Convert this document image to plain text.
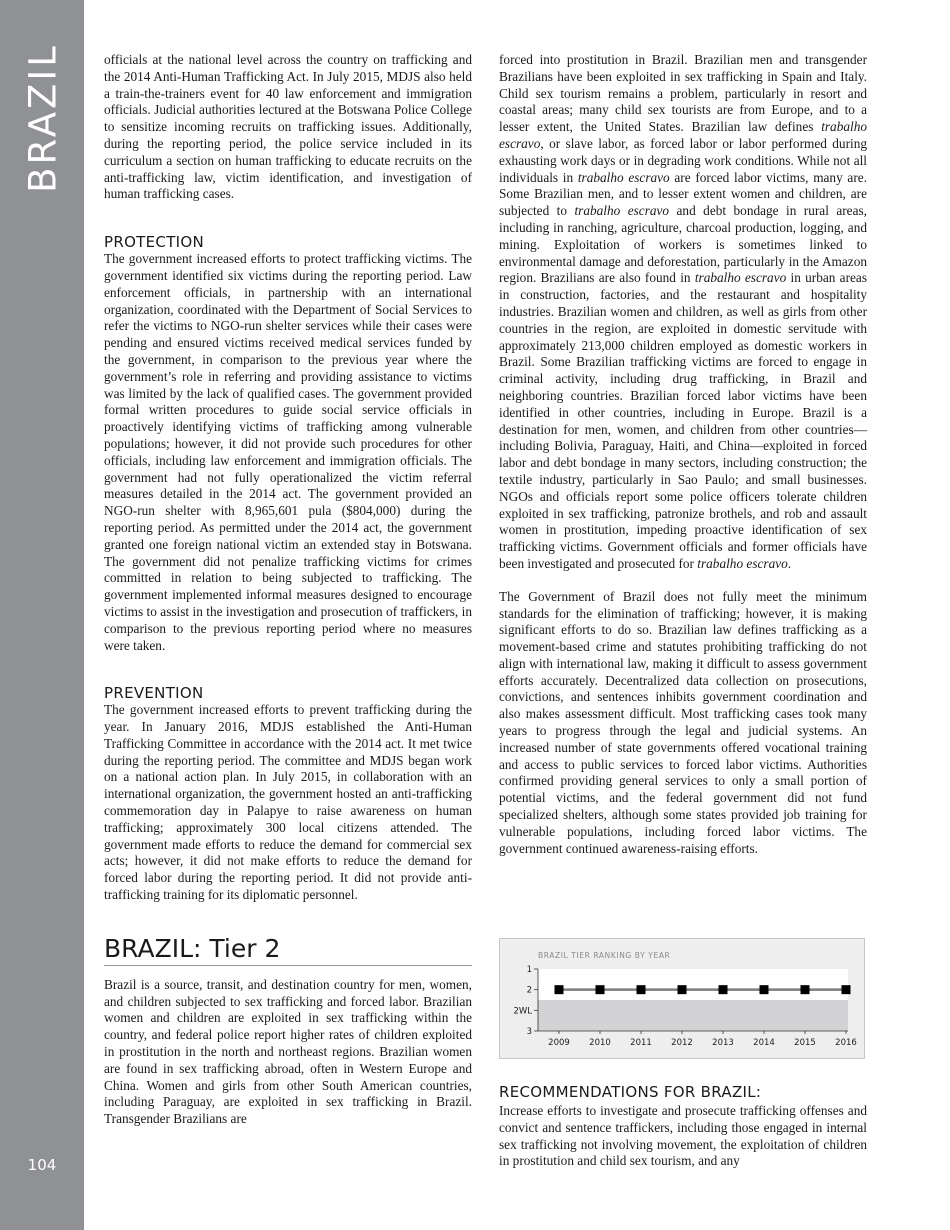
BRAZIL
104

officials at the national level across the country on trafficking and the 2014 Anti-Human Trafficking Act. In July 2015, MDJS also held a train-the-trainers event for 40 law enforcement and immigration officials. Judicial authorities lectured at the Botswana Police College to sensitize incoming recruits on trafficking issues. Additionally, during the reporting period, the police service included in its curriculum a section on human trafficking to educate recruits on the anti-trafficking law, victim identification, and investigation of human trafficking cases.

PROTECTION

The government increased efforts to protect trafficking victims. The government identified six victims during the reporting period. Law enforcement officials, in partnership with an international organization, coordinated with the Department of Social Services to refer the victims to NGO-run shelter services while their cases were pending and ensured victims received medical services funded by the government, in comparison to the previous year where the government’s role in referring and providing assistance to victims was limited by the lack of qualified cases. The government provided formal written procedures to guide social service officials in proactively identifying victims of trafficking among vulnerable populations; however, it did not provide such procedures for other officials, including law enforcement and immigration officials. The government had not fully operationalized the victim referral measures detailed in the 2014 act. The government provided an NGO-run shelter with 8,965,601 pula ($804,000) during the reporting period. As permitted under the 2014 act, the government granted one foreign national victim an extended stay in Botswana. The government did not penalize trafficking victims for crimes committed in relation to being subjected to trafficking. The government implemented informal measures designed to encourage victims to assist in the investigation and prosecution of traffickers, in comparison to the previous reporting period where no measures were taken.

PREVENTION

The government increased efforts to prevent trafficking during the year. In January 2016, MDJS established the Anti-Human Trafficking Committee in accordance with the 2014 act. It met twice during the reporting period. The committee and MDJS began work on a national action plan. In July 2015, in collaboration with an international organization, the government hosted an anti-trafficking commemoration day in Palapye to raise awareness on human trafficking; approximately 300 local citizens attended. The government made efforts to reduce the demand for commercial sex acts; however, it did not make efforts to reduce the demand for forced labor during the reporting period. It did not provide anti-trafficking training for its diplomatic personnel.

BRAZIL: Tier 2

Brazil is a source, transit, and destination country for men, women, and children subjected to sex trafficking and forced labor. Brazilian women and children are exploited in sex trafficking within the country, and federal police report higher rates of children exploited in prostitution in the north and northeast regions. Brazilian women are found in sex trafficking abroad, often in Western Europe and China. Women and girls from other South American countries, including Paraguay, are exploited in sex trafficking in Brazil. Transgender Brazilians are

forced into prostitution in Brazil. Brazilian men and transgender Brazilians have been exploited in sex trafficking in Spain and Italy. Child sex tourism remains a problem, particularly in resort and coastal areas; many child sex tourists are from Europe, and to a lesser extent, the United States. Brazilian law defines trabalho escravo, or slave labor, as forced labor or labor performed during exhausting work days or in degrading work conditions. While not all individuals in trabalho escravo are forced labor victims, many are. Some Brazilian men, and to lesser extent women and children, are subjected to trabalho escravo and debt bondage in rural areas, including in ranching, agriculture, charcoal production, logging, and mining. Exploitation of workers is sometimes linked to environmental damage and deforestation, particularly in the Amazon region. Brazilians are also found in trabalho escravo in urban areas in construction, factories, and the restaurant and hospitality industries. Brazilian women and children, as well as girls from other countries in the region, are exploited in domestic servitude with approximately 213,000 children employed as domestic workers in Brazil. Some Brazilian trafficking victims are forced to engage in criminal activity, including drug trafficking, in Brazil and neighboring countries. Brazilian forced labor victims have been identified in other countries, including in Europe. Brazil is a destination for men, women, and children from other countries—including Bolivia, Paraguay, Haiti, and China—exploited in forced labor and debt bondage in many sectors, including construction; the textile industry, particularly in Sao Paulo; and small businesses. NGOs and officials report some police officers tolerate children exploited in sex trafficking, patronize brothels, and rob and assault women in prostitution, impeding proactive identification of sex trafficking victims. Government officials and former officials have been investigated and prosecuted for trabalho escravo.

The Government of Brazil does not fully meet the minimum standards for the elimination of trafficking; however, it is making significant efforts to do so. Brazilian law defines trafficking as a movement-based crime and statutes prohibiting trafficking do not align with international law, making it difficult to assess government efforts accurately. Decentralized data collection on prosecutions, convictions, and sentences inhibits government coordination and also makes assessment difficult. Most trafficking cases took many years to progress through the legal and judicial systems. An increased number of state governments offered vocational training and access to public services to forced labor victims. Authorities confirmed providing general services to only a small portion of potential victims, and the federal government did not fund specialized shelters, although some states provided job training for vulnerable populations, including forced labor victims. The government continued awareness-raising efforts.

BRAZIL TIER RANKING BY YEAR
1
2
2WL
3
2009 2010 2011 2012 2013 2014 2015 2016
RECOMMENDATIONS FOR BRAZIL:

Increase efforts to investigate and prosecute trafficking offenses and convict and sentence traffickers, including those engaged in internal sex trafficking not involving movement, the exploitation of children in prostitution and child sex tourism, and any
